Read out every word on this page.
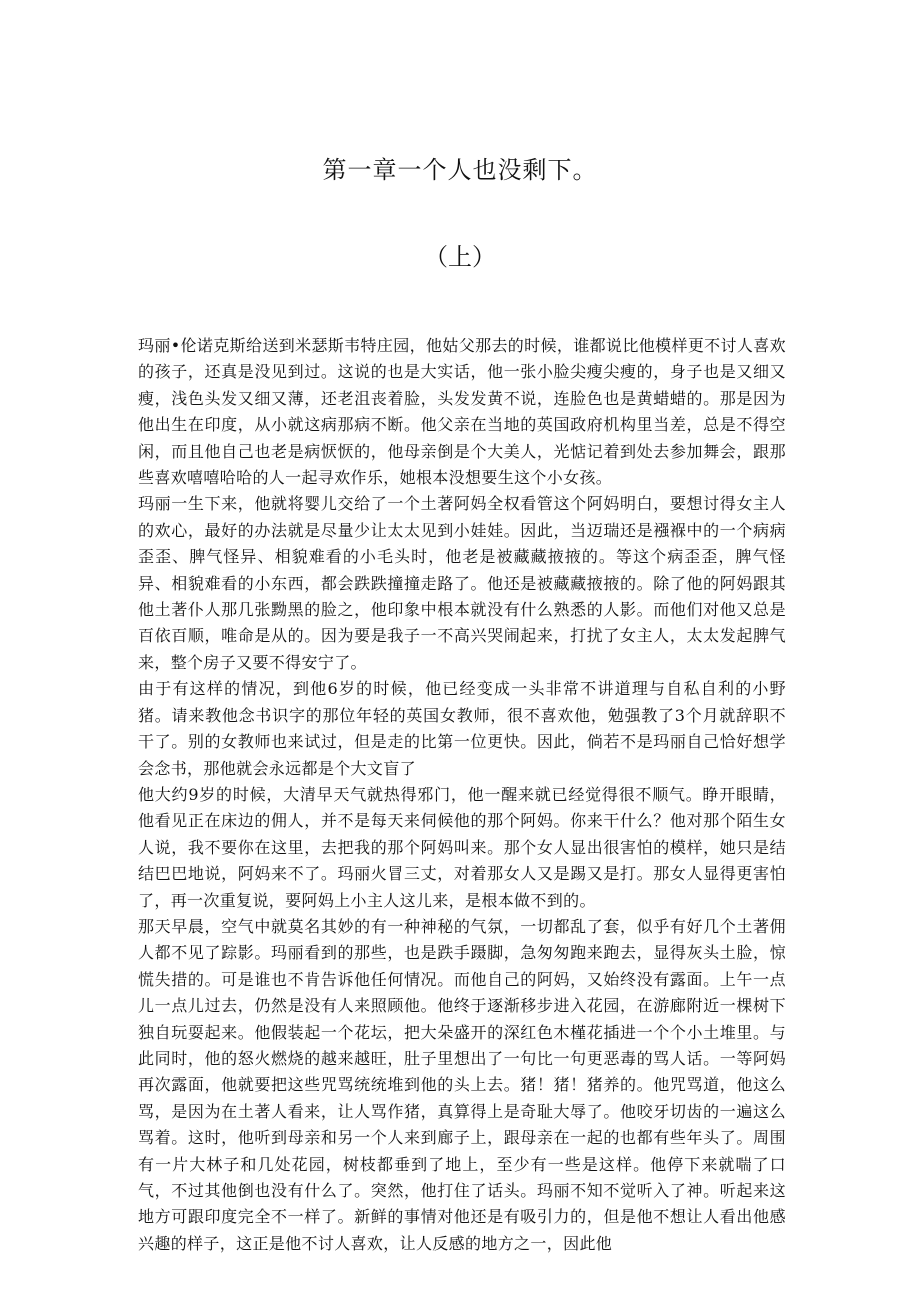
第一章一个人也没剩下。
（上）

玛丽•伦诺克斯给送到米瑟斯韦特庄园，他姑父那去的时候，谁都说比他模样更不讨人喜欢的孩子，还真是没见到过。这说的也是大实话，他一张小脸尖瘦尖瘦的，身子也是又细又瘦，浅色头发又细又薄，还老沮丧着脸，头发发黄不说，连脸色也是黄蜡蜡的。那是因为他出生在印度，从小就这病那病不断。他父亲在当地的英国政府机构里当差，总是不得空闲，而且他自己也老是病恹恹的，他母亲倒是个大美人，光惦记着到处去参加舞会，跟那些喜欢嘻嘻哈哈的人一起寻欢作乐，她根本没想要生这个小女孩。

玛丽一生下来，他就将婴儿交给了一个土著阿妈全权看管这个阿妈明白，要想讨得女主人的欢心，最好的办法就是尽量少让太太见到小娃娃。因此，当迈瑞还是襁褓中的一个病病歪歪、脾气怪异、相貌难看的小毛头时，他老是被藏藏掖掖的。等这个病歪歪，脾气怪异、相貌难看的小东西，都会跌跌撞撞走路了。他还是被藏藏掖掖的。除了他的阿妈跟其他土著仆人那几张黝黑的脸之，他印象中根本就没有什么熟悉的人影。而他们对他又总是百依百顺，唯命是从的。因为要是我子一不高兴哭闹起来，打扰了女主人，太太发起脾气来，整个房子又要不得安宁了。

由于有这样的情况，到他6岁的时候，他已经变成一头非常不讲道理与自私自利的小野猪。请来教他念书识字的那位年轻的英国女教师，很不喜欢他，勉强教了3个月就辞职不干了。别的女教师也来试过，但是走的比第一位更快。因此，倘若不是玛丽自己恰好想学会念书，那他就会永远都是个大文盲了

他大约9岁的时候，大清早天气就热得邪门，他一醒来就已经觉得很不顺气。睁开眼睛，他看见正在床边的佣人，并不是每天来伺候他的那个阿妈。你来干什么？他对那个陌生女人说，我不要你在这里，去把我的那个阿妈叫来。那个女人显出很害怕的模样，她只是结结巴巴地说，阿妈来不了。玛丽火冒三丈，对着那女人又是踢又是打。那女人显得更害怕了，再一次重复说，要阿妈上小主人这儿来，是根本做不到的。

那天早晨，空气中就莫名其妙的有一种神秘的气氛，一切都乱了套，似乎有好几个土著佣人都不见了踪影。玛丽看到的那些，也是跌手蹑脚，急匆匆跑来跑去，显得灰头土脸，惊慌失措的。可是谁也不肯告诉他任何情况。而他自己的阿妈，又始终没有露面。上午一点儿一点儿过去，仍然是没有人来照顾他。他终于逐渐移步进入花园，在游廊附近一棵树下独自玩耍起来。他假装起一个花坛，把大朵盛开的深红色木槿花插进一个个小土堆里。与此同时，他的怒火燃烧的越来越旺，肚子里想出了一句比一句更恶毒的骂人话。一等阿妈再次露面，他就要把这些咒骂统统堆到他的头上去。猪！猪！猪养的。他咒骂道，他这么骂，是因为在土著人看来，让人骂作猪，真算得上是奇耻大辱了。他咬牙切齿的一遍这么骂着。这时，他听到母亲和另一个人来到廊子上，跟母亲在一起的也都有些年头了。周围有一片大林子和几处花园，树枝都垂到了地上，至少有一些是这样。他停下来就喘了口气，不过其他倒也没有什么了。突然，他打住了话头。玛丽不知不觉听入了神。听起来这地方可跟印度完全不一样了。新鲜的事情对他还是有吸引力的，但是他不想让人看出他感兴趣的样子，这正是他不讨人喜欢，让人反感的地方之一，因此他
